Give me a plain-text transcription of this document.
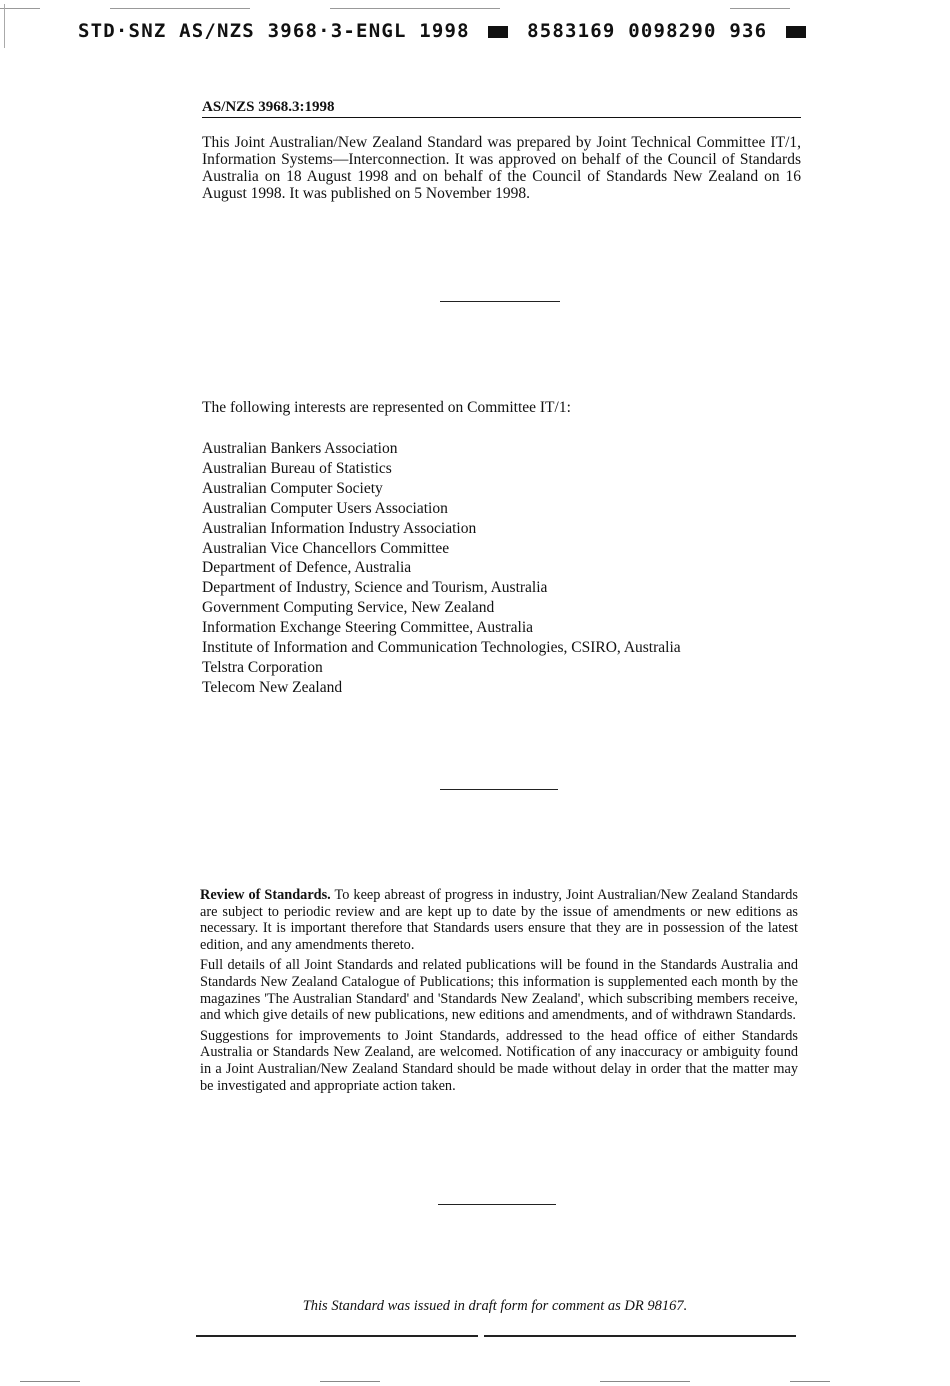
STD·SNZ AS/NZS 3968·3-ENGL 1998	8583169 0098290 936
AS/NZS 3968.3:1998
This Joint Australian/New Zealand Standard was prepared by Joint Technical Committee IT/1, Information Systems—Interconnection. It was approved on behalf of the Council of Standards Australia on 18 August 1998 and on behalf of the Council of Standards New Zealand on 16 August 1998. It was published on 5 November 1998.
The following interests are represented on Committee IT/1:
Australian Bankers Association
Australian Bureau of Statistics
Australian Computer Society
Australian Computer Users Association
Australian Information Industry Association
Australian Vice Chancellors Committee
Department of Defence, Australia
Department of Industry, Science and Tourism, Australia
Government Computing Service, New Zealand
Information Exchange Steering Committee, Australia
Institute of Information and Communication Technologies, CSIRO, Australia
Telstra Corporation
Telecom New Zealand

Review of Standards. To keep abreast of progress in industry, Joint Australian/New Zealand Standards are subject to periodic review and are kept up to date by the issue of amendments or new editions as necessary. It is important therefore that Standards users ensure that they are in possession of the latest edition, and any amendments thereto.

Full details of all Joint Standards and related publications will be found in the Standards Australia and Standards New Zealand Catalogue of Publications; this information is supplemented each month by the magazines 'The Australian Standard' and 'Standards New Zealand', which subscribing members receive, and which give details of new publications, new editions and amendments, and of withdrawn Standards.

Suggestions for improvements to Joint Standards, addressed to the head office of either Standards Australia or Standards New Zealand, are welcomed. Notification of any inaccuracy or ambiguity found in a Joint Australian/New Zealand Standard should be made without delay in order that the matter may be investigated and appropriate action taken.

This Standard was issued in draft form for comment as DR 98167.
